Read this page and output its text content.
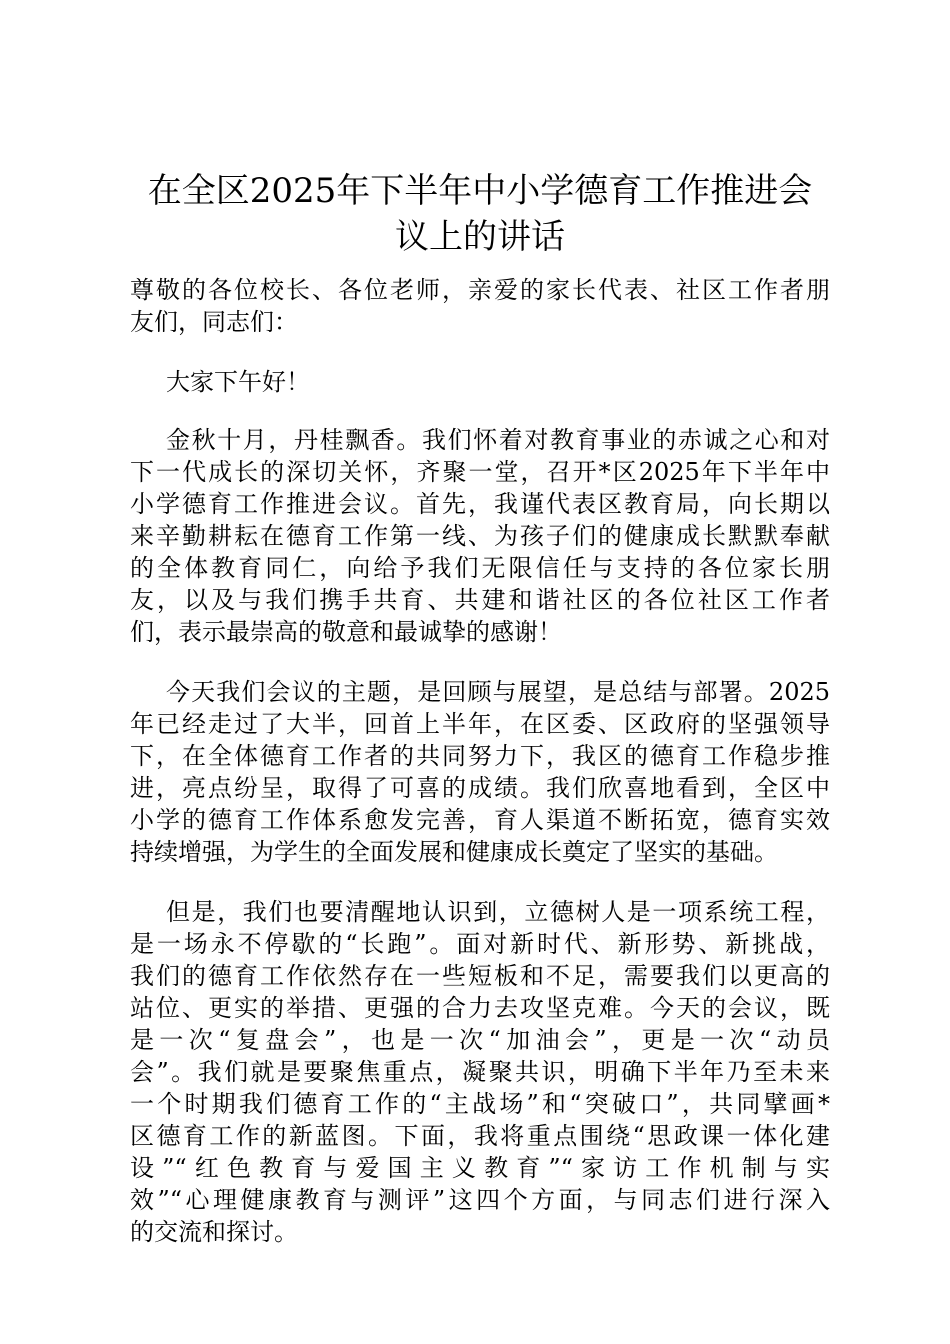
在全区2025年下半年中小学德育工作推进会
议上的讲话
尊敬的各位校长、各位老师，亲爱的家长代表、社区工作者朋
友们，同志们：
大家下午好！
金秋十月，丹桂飘香。我们怀着对教育事业的赤诚之心和对
下一代成长的深切关怀，齐聚一堂，召开*区2025年下半年中
小学德育工作推进会议。首先，我谨代表区教育局，向长期以
来辛勤耕耘在德育工作第一线、为孩子们的健康成长默默奉献
的全体教育同仁，向给予我们无限信任与支持的各位家长朋
友，以及与我们携手共育、共建和谐社区的各位社区工作者
们，表示最崇高的敬意和最诚挚的感谢！
今天我们会议的主题，是回顾与展望，是总结与部署。2025
年已经走过了大半，回首上半年，在区委、区政府的坚强领导
下，在全体德育工作者的共同努力下，我区的德育工作稳步推
进，亮点纷呈，取得了可喜的成绩。我们欣喜地看到，全区中
小学的德育工作体系愈发完善，育人渠道不断拓宽，德育实效
持续增强，为学生的全面发展和健康成长奠定了坚实的基础。
但是，我们也要清醒地认识到，立德树人是一项系统工程，
是一场永不停歇的“长跑”。面对新时代、新形势、新挑战，
我们的德育工作依然存在一些短板和不足，需要我们以更高的
站位、更实的举措、更强的合力去攻坚克难。今天的会议，既
是一次“复盘会”，也是一次“加油会”，更是一次“动员
会”。我们就是要聚焦重点，凝聚共识，明确下半年乃至未来
一个时期我们德育工作的“主战场”和“突破口”，共同擘画*
区德育工作的新蓝图。下面，我将重点围绕“思政课一体化建
设”“红色教育与爱国主义教育”“家访工作机制与实
效”“心理健康教育与测评”这四个方面，与同志们进行深入
的交流和探讨。
